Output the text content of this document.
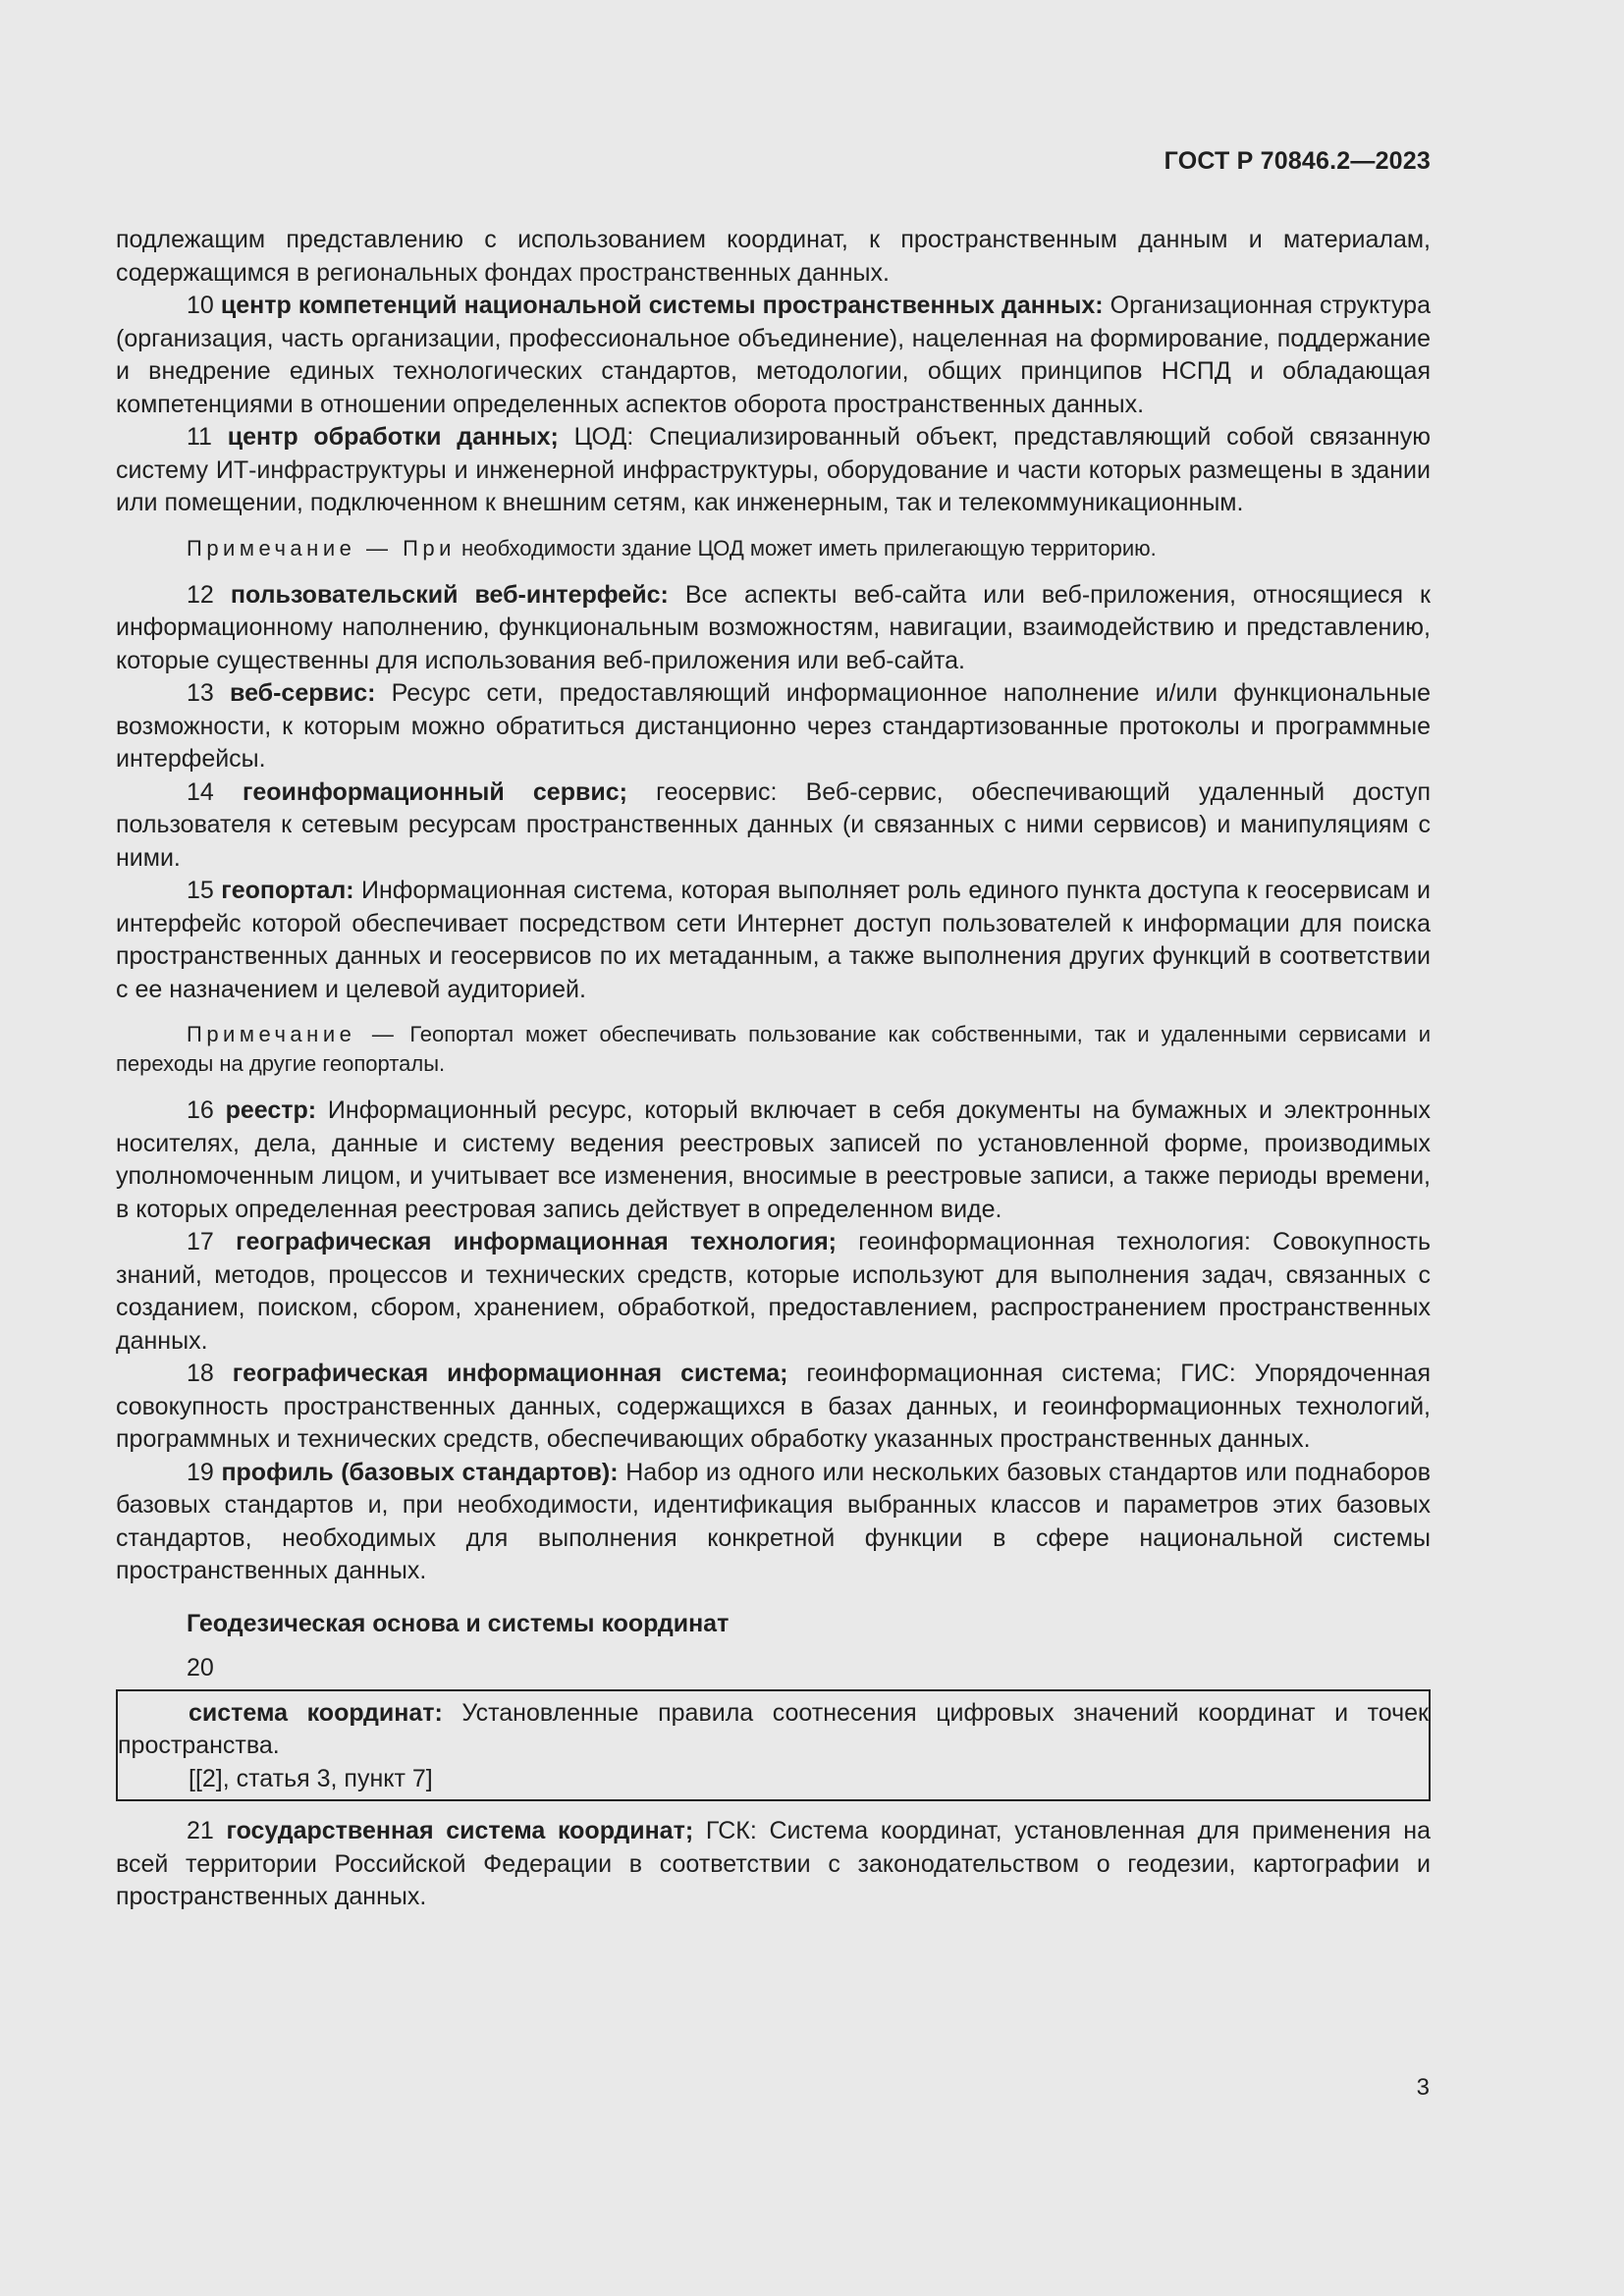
ГОСТ Р 70846.2—2023

подлежащим представлению с использованием координат, к пространственным данным и материалам, содержащимся в региональных фондах пространственных данных.

10 центр компетенций национальной системы пространственных данных: Организационная структура (организация, часть организации, профессиональное объединение), нацеленная на формирование, поддержание и внедрение единых технологических стандартов, методологии, общих принципов НСПД и обладающая компетенциями в отношении определенных аспектов оборота пространственных данных.

11 центр обработки данных; ЦОД: Специализированный объект, представляющий собой связанную систему ИТ-инфраструктуры и инженерной инфраструктуры, оборудование и части которых размещены в здании или помещении, подключенном к внешним сетям, как инженерным, так и телекоммуникационным.

Примечание — При необходимости здание ЦОД может иметь прилегающую территорию.

12 пользовательский веб-интерфейс: Все аспекты веб-сайта или веб-приложения, относящиеся к информационному наполнению, функциональным возможностям, навигации, взаимодействию и представлению, которые существенны для использования веб-приложения или веб-сайта.

13 веб-сервис: Ресурс сети, предоставляющий информационное наполнение и/или функциональные возможности, к которым можно обратиться дистанционно через стандартизованные протоколы и программные интерфейсы.

14 геоинформационный сервис; геосервис: Веб-сервис, обеспечивающий удаленный доступ пользователя к сетевым ресурсам пространственных данных (и связанных с ними сервисов) и манипуляциям с ними.

15 геопортал: Информационная система, которая выполняет роль единого пункта доступа к геосервисам и интерфейс которой обеспечивает посредством сети Интернет доступ пользователей к информации для поиска пространственных данных и геосервисов по их метаданным, а также выполнения других функций в соответствии с ее назначением и целевой аудиторией.

Примечание — Геопортал может обеспечивать пользование как собственными, так и удаленными сервисами и переходы на другие геопорталы.

16 реестр: Информационный ресурс, который включает в себя документы на бумажных и электронных носителях, дела, данные и систему ведения реестровых записей по установленной форме, производимых уполномоченным лицом, и учитывает все изменения, вносимые в реестровые записи, а также периоды времени, в которых определенная реестровая запись действует в определенном виде.

17 географическая информационная технология; геоинформационная технология: Совокупность знаний, методов, процессов и технических средств, которые используют для выполнения задач, связанных с созданием, поиском, сбором, хранением, обработкой, предоставлением, распространением пространственных данных.

18 географическая информационная система; геоинформационная система; ГИС: Упорядоченная совокупность пространственных данных, содержащихся в базах данных, и геоинформационных технологий, программных и технических средств, обеспечивающих обработку указанных пространственных данных.

19 профиль (базовых стандартов): Набор из одного или нескольких базовых стандартов или поднаборов базовых стандартов и, при необходимости, идентификация выбранных классов и параметров этих базовых стандартов, необходимых для выполнения конкретной функции в сфере национальной системы пространственных данных.

Геодезическая основа и системы координат

20

система координат: Установленные правила соотнесения цифровых значений координат и точек пространства.

[[2], статья 3, пункт 7]

21 государственная система координат; ГСК: Система координат, установленная для применения на всей территории Российской Федерации в соответствии с законодательством о геодезии, картографии и пространственных данных.

3
